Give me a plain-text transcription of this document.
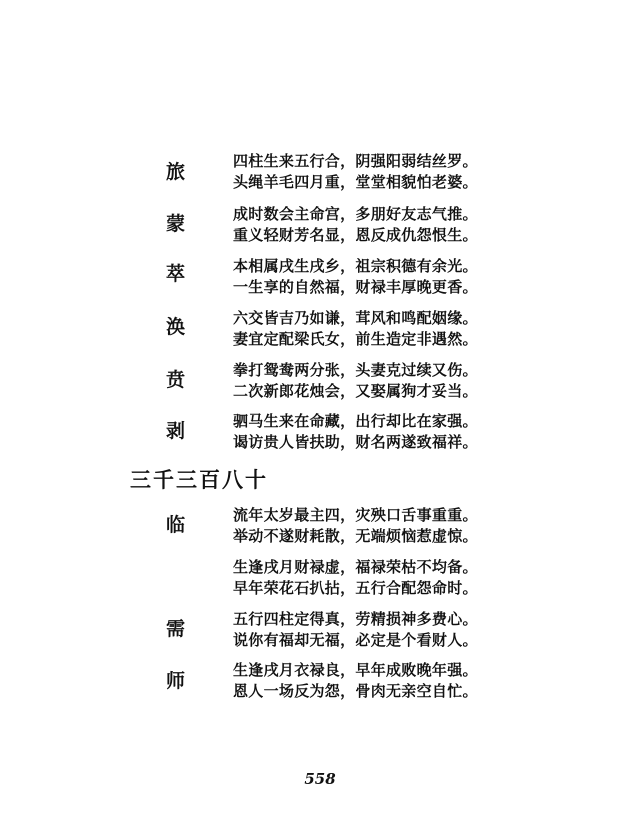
旅	四柱生来五行合，阴强阳弱结丝罗。
头绳羊毛四月重，堂堂相貌怕老婆。
蒙	成时数会主命宫，多朋好友志气推。
重义轻财芳名显，恩反成仇怨恨生。
萃	本相属戌生戌乡，祖宗积德有余光。
一生享的自然福，财禄丰厚晚更香。
涣	六交皆吉乃如谦，茸风和鸣配姻缘。
妻宜定配梁氏女，前生造定非遇然。
贲	拳打鸳鸯两分张，头妻克过续又伤。
二次新郎花烛会，又娶属狗才妥当。
剥	驷马生来在命藏，出行却比在家强。
谒访贵人皆扶助，财名两遂致福祥。
三千三百八十
临	流年太岁最主四，灾殃口舌事重重。
举动不遂财耗散，无端烦恼惹虚惊。
生逢戌月财禄虚，福禄荣枯不均备。
早年荣花石扒拈，五行合配怨命时。
需	五行四柱定得真，劳精损神多费心。
说你有福却无福，必定是个看财人。
师	生逢戌月衣禄良，早年成败晚年强。
恩人一场反为怨，骨肉无亲空自忙。
558
